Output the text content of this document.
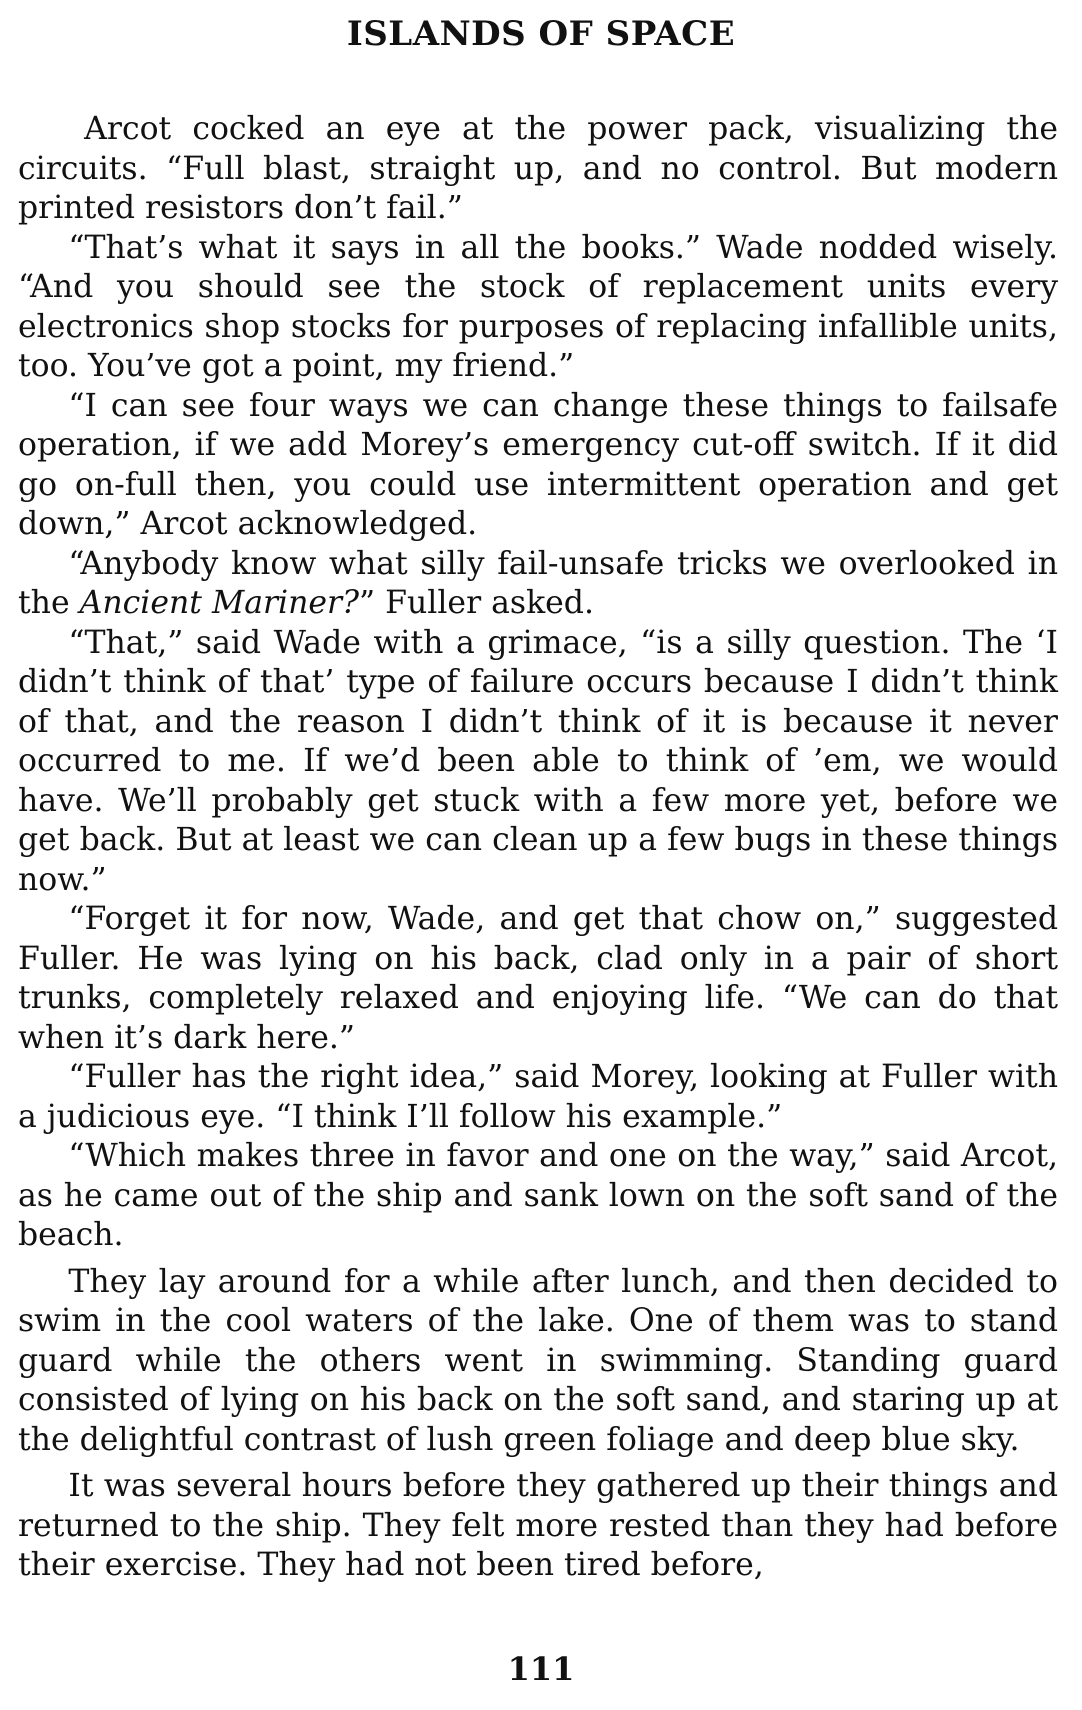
ISLANDS OF SPACE

Arcot cocked an eye at the power pack, visualizing the circuits. “Full blast, straight up, and no control. But modern printed resistors don’t fail.”

“That’s what it says in all the books.” Wade nodded wisely. “And you should see the stock of replacement units every electronics shop stocks for purposes of replacing infallible units, too. You’ve got a point, my friend.”

“I can see four ways we can change these things to failsafe operation, if we add Morey’s emergency cut-off switch. If it did go on-full then, you could use intermittent operation and get down,” Arcot acknowledged.

“Anybody know what silly fail-unsafe tricks we overlooked in the Ancient Mariner?” Fuller asked.

“That,” said Wade with a grimace, “is a silly question. The ‘I didn’t think of that’ type of failure occurs because I didn’t think of that, and the reason I didn’t think of it is because it never occurred to me. If we’d been able to think of ’em, we would have. We’ll probably get stuck with a few more yet, before we get back. But at least we can clean up a few bugs in these things now.”

“Forget it for now, Wade, and get that chow on,” suggested Fuller. He was lying on his back, clad only in a pair of short trunks, completely relaxed and enjoying life. “We can do that when it’s dark here.”

“Fuller has the right idea,” said Morey, looking at Fuller with a judicious eye. “I think I’ll follow his example.”

“Which makes three in favor and one on the way,” said Arcot, as he came out of the ship and sank lown on the soft sand of the beach.

They lay around for a while after lunch, and then decided to swim in the cool waters of the lake. One of them was to stand guard while the others went in swimming. Standing guard consisted of lying on his back on the soft sand, and staring up at the delightful contrast of lush green foliage and deep blue sky.

It was several hours before they gathered up their things and returned to the ship. They felt more rested than they had before their exercise. They had not been tired before,

111
